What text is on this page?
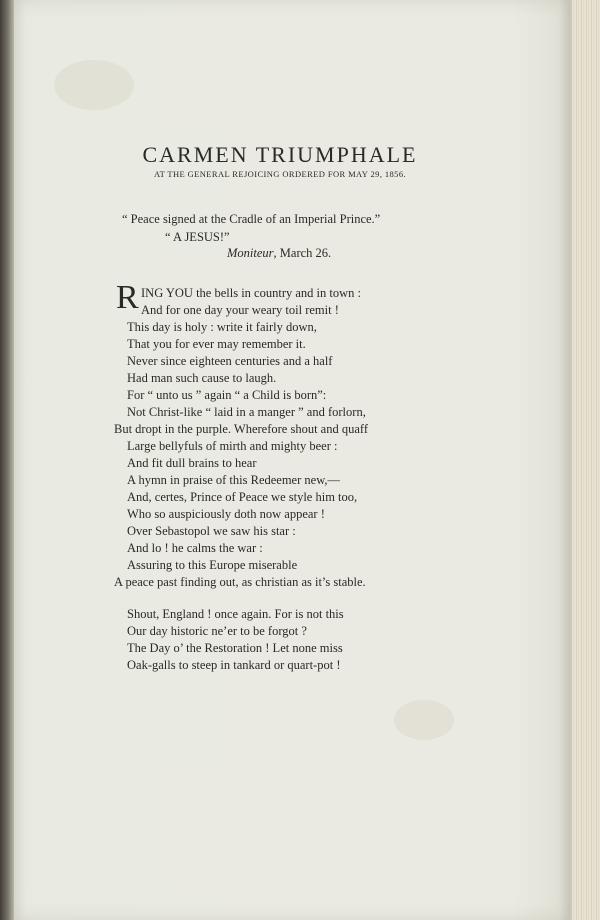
CARMEN TRIUMPHALE
AT THE GENERAL REJOICING ORDERED FOR MAY 29, 1856.
“ Peace signed at the Cradle of an Imperial Prince.”
“ A JESUS!”
Moniteur, March 26.
R ING YOU the bells in country and in town :
And for one day your weary toil remit !
This day is holy : write it fairly down,
That you for ever may remember it.
Never since eighteen centuries and a half
Had man such cause to laugh.
For “ unto us ” again “ a Child is born”:
Not Christ-like “ laid in a manger ” and forlorn,
But dropt in the purple. Wherefore shout and quaff
Large bellyfuls of mirth and mighty beer :
And fit dull brains to hear
A hymn in praise of this Redeemer new,—
And, certes, Prince of Peace we style him too,
Who so auspiciously doth now appear !
Over Sebastopol we saw his star :
And lo ! he calms the war :
Assuring to this Europe miserable
A peace past finding out, as christian as it’s stable.
Shout, England ! once again. For is not this
Our day historic ne’er to be forgot ?
The Day o’ the Restoration ! Let none miss
Oak-galls to steep in tankard or quart-pot !
